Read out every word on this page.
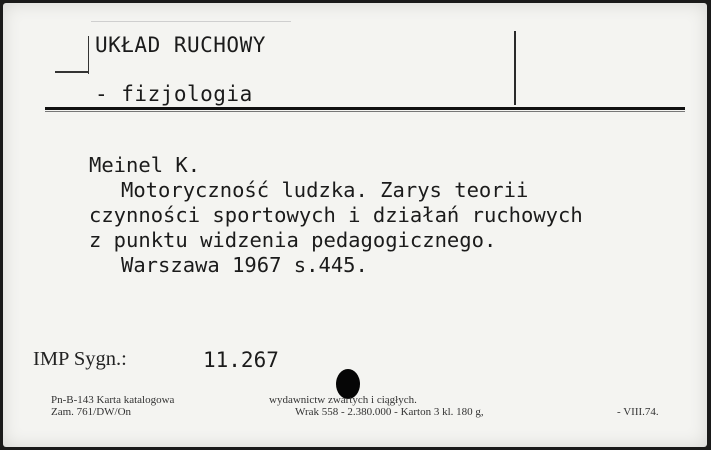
UKŁAD RUCHOWY
- fizjologia
Meinel K.
Motoryczność ludzka. Zarys teorii
czynności sportowych i działań ruchowych
z punktu widzenia pedagogicznego.
Warszawa 1967 s.445.
IMP Sygn.:	11.267
Pn-B-143 Karta katalogowa
Zam. 761/DW/On
wydawnictw zwartych i ciągłych.
Wrak 558 - 2.380.000 - Karton 3 kl. 180 g,	- VIII.74.
